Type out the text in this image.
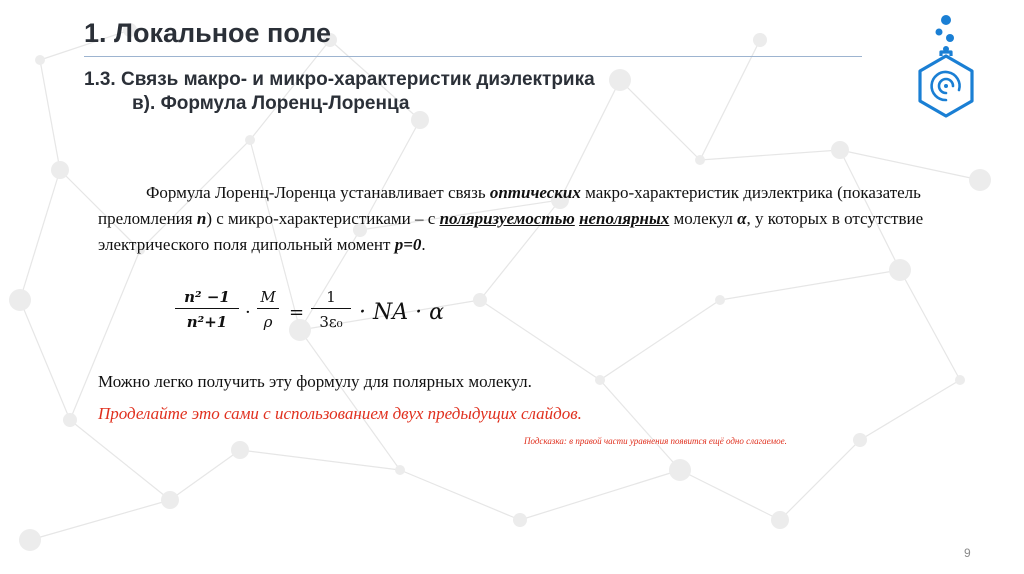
1. Локальное поле
1.3. Связь макро- и микро-характеристик диэлектрика
в). Формула Лоренц-Лоренца
Формула Лоренц-Лоренца устанавливает связь оптических макро-характеристик диэлектрика (показатель преломления n) с микро-характеристиками – с поляризуемостью неполярных молекул α, у которых в отсутствие электрического поля дипольный момент p=0.
$\frac{\text{n² −1}}{\text{n²+1}} \cdot \frac{M}{\rho} = \frac{1}{\text{3ε₀}}$ · NA · α
Можно легко получить эту формулу для полярных молекул.
Проделайте это сами с использованием двух предыдущих слайдов.
Подсказка: в правой части уравнения появится ещё одно слагаемое.
9
